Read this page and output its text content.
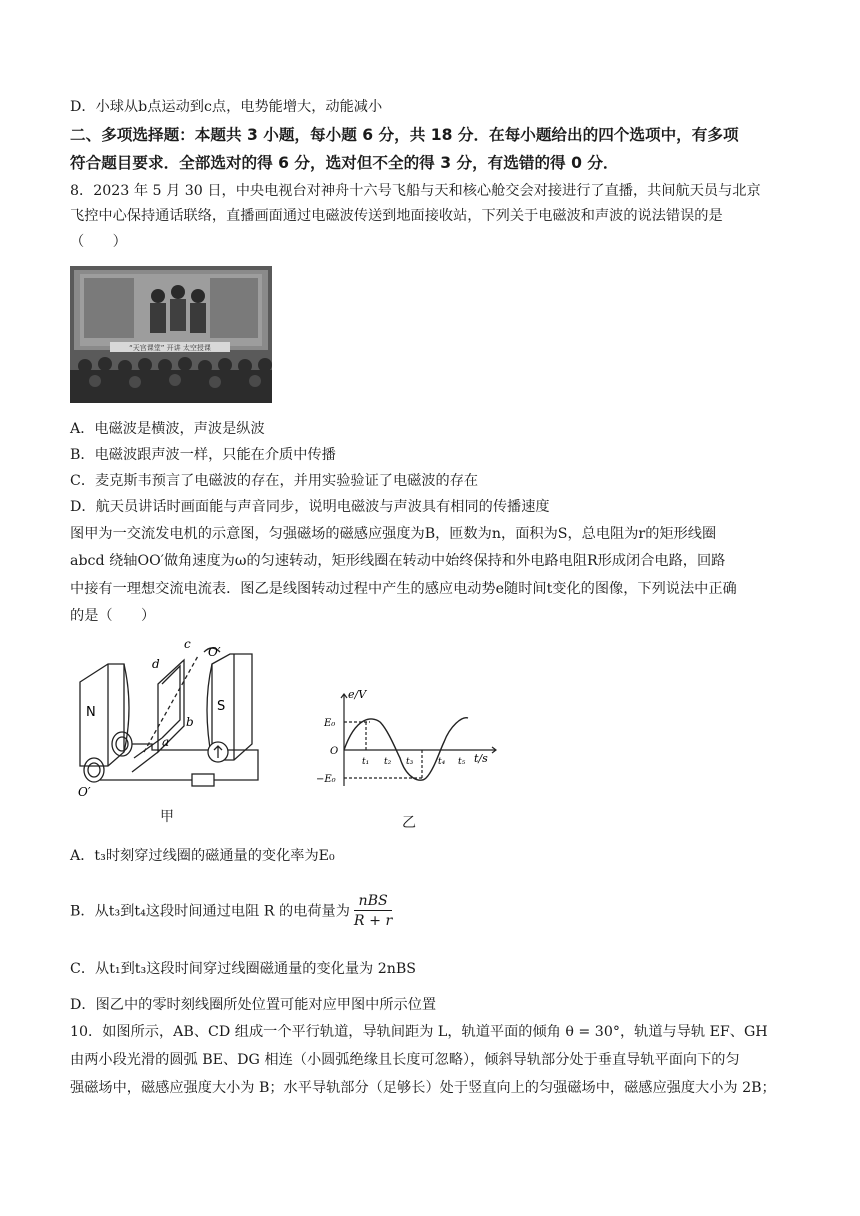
D．小球从b点运动到c点，电势能增大，动能减小
二、多项选择题：本题共 3 小题，每小题 6 分，共 18 分．在每小题给出的四个选项中，有多项
符合题目要求．全部选对的得 6 分，选对但不全的得 3 分，有选错的得 0 分．
8．2023 年 5 月 30 日，中央电视台对神舟十六号飞船与天和核心舱交会对接进行了直播，共间航天员与北京
飞控中心保持通话联络，直播画面通过电磁波传送到地面接收站，下列关于电磁波和声波的说法错误的是
（　　）
“天宫课堂” 开讲 太空授课
A．电磁波是横波，声波是纵波
B．电磁波跟声波一样，只能在介质中传播
C．麦克斯韦预言了电磁波的存在，并用实验验证了电磁波的存在
D．航天员讲话时画面能与声音同步，说明电磁波与声波具有相同的传播速度
图甲为一交流发电机的示意图，匀强磁场的磁感应强度为B，匝数为n，面积为S，总电阻为r的矩形线圈
abcd 绕轴OO′做角速度为ω的匀速转动，矩形线圈在转动中始终保持和外电路电阻R形成闭合电路，回路
中接有一理想交流电流表．图乙是线图转动过程中产生的感应电动势e随时间t变化的图像，下列说法中正确
的是（　　）
N	S
c
d
b
a
O′
O′
甲
e/V
t/s
E₀
−E₀
O
t₁ t₂ t₃	t₄ t₅
乙
A．t₃时刻穿过线圈的磁通量的变化率为E₀
B．从t₃到t₄这段时间通过电阻 R 的电荷量为 $\frac{\text{nBS}}{R + r}$
C．从t₁到t₃这段时间穿过线圈磁通量的变化量为 2nBS
D．图乙中的零时刻线圈所处位置可能对应甲图中所示位置
10．如图所示，AB、CD 组成一个平行轨道，导轨间距为 L，轨道平面的倾角 θ = 30°，轨道与导轨 EF、GH
由两小段光滑的圆弧 BE、DG 相连（小圆弧绝缘且长度可忽略），倾斜导轨部分处于垂直导轨平面向下的匀
强磁场中，磁感应强度大小为 B；水平导轨部分（足够长）处于竖直向上的匀强磁场中，磁感应强度大小为 2B；
